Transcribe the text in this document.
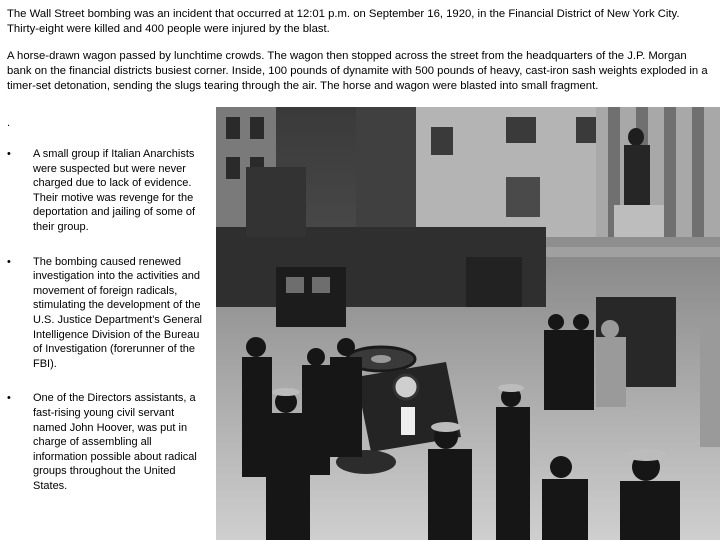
The Wall Street bombing was an incident that occurred at 12:01 p.m. on September 16, 1920, in the Financial District of New York City. Thirty-eight were killed and 400 people were injured by the blast.

A horse-drawn wagon passed by lunchtime crowds. The wagon then stopped across the street from the headquarters of the J.P. Morgan bank on the financial districts busiest corner. Inside, 100 pounds of dynamite with 500 pounds of heavy, cast-iron sash weights exploded in a timer-set detonation, sending the slugs tearing through the air. The horse and wagon were blasted into small fragment.

.
• A small group if Italian Anarchists were suspected but were never charged due to lack of evidence. Their motive was revenge for the deportation and jailing of some of their group.
• The bombing caused renewed investigation into the activities and movement of foreign radicals, stimulating the development of the U.S. Justice Department's General Intelligence Division of the Bureau of Investigation (forerunner of the FBI).
• One of the Directors assistants, a fast-rising young civil servant named John Hoover, was put in charge of assembling all information possible about radical groups throughout the United States.
